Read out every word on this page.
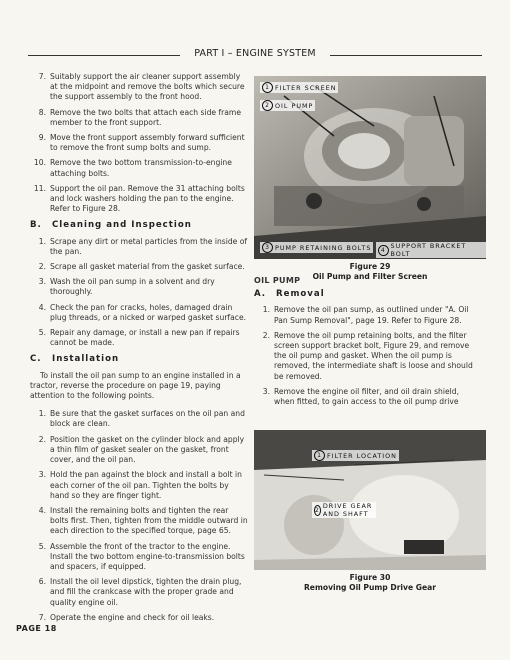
PART I – ENGINE SYSTEM
7. Suitably support the air cleaner support assembly at the midpoint and remove the bolts which secure the support assembly to the front hood.
8. Remove the two bolts that attach each side frame member to the front support.
9. Move the front support assembly forward sufficient to remove the front sump bolts and sump.
10. Remove the two bottom transmission-to-engine attaching bolts.
11. Support the oil pan. Remove the 31 attaching bolts and lock washers holding the pan to the engine. Refer to Figure 28.
B.	Cleaning and Inspection
1. Scrape any dirt or metal particles from the inside of the pan.
2. Scrape all gasket material from the gasket surface.
3. Wash the oil pan sump in a solvent and dry thoroughly.
4. Check the pan for cracks, holes, damaged drain plug threads, or a nicked or warped gasket surface.
5. Repair any damage, or install a new pan if repairs cannot be made.
C.	Installation
To install the oil pan sump to an engine installed in a tractor, reverse the procedure on page 19, paying attention to the following points.
1. Be sure that the gasket surfaces on the oil pan and block are clean.
2. Position the gasket on the cylinder block and apply a thin film of gasket sealer on the gasket, front cover, and the oil pan.
3. Hold the pan against the block and install a bolt in each corner of the oil pan. Tighten the bolts by hand so they are finger tight.
4. Install the remaining bolts and tighten the rear bolts first. Then, tighten from the middle outward in each direction to the specified torque, page 65.
5. Assemble the front of the tractor to the engine. Install the two bottom engine-to-transmission bolts and spacers, if equipped.
6. Install the oil level dipstick, tighten the drain plug, and fill the crankcase with the proper grade and quality engine oil.
7. Operate the engine and check for oil leaks.
1 FILTER SCREEN
2 OIL PUMP
3 PUMP RETAINING BOLTS	4 SUPPORT BRACKET BOLT
Figure 29
Oil Pump and Filter Screen
OIL PUMP
A.	Removal
1. Remove the oil pan sump, as outlined under "A. Oil Pan Sump Removal", page 19. Refer to Figure 28.
2. Remove the oil pump retaining bolts, and the filter screen support bracket bolt, Figure 29, and remove the oil pump and gasket. When the oil pump is removed, the intermediate shaft is loose and should be removed.
3. Remove the engine oil filter, and oil drain shield, when fitted, to gain access to the oil pump drive
1 FILTER LOCATION
2 DRIVE GEAR AND SHAFT
Figure 30
Removing Oil Pump Drive Gear
PAGE 18
